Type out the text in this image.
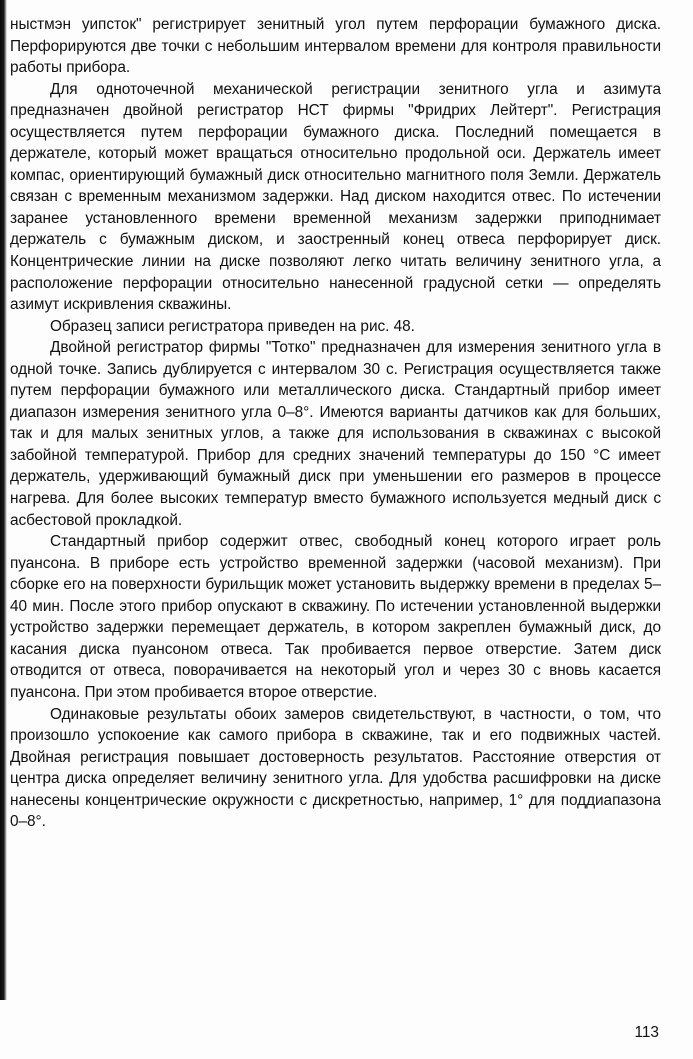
ныстмэн уипсток" регистрирует зенитный угол путем перфорации бумажного диска. Перфорируются две точки с небольшим интервалом времени для контроля правильности работы прибора.

Для одноточечной механической регистрации зенитного угла и азимута предназначен двойной регистратор НСТ фирмы "Фридрих Лейтерт". Регистрация осуществляется путем перфорации бумажного диска. Последний помещается в держателе, который может вращаться относительно продольной оси. Держатель имеет компас, ориентирующий бумажный диск относительно магнитного поля Земли. Держатель связан с временным механизмом задержки. Над диском находится отвес. По истечении заранее установленного времени временной механизм задержки приподнимает держатель с бумажным диском, и заостренный конец отвеса перфорирует диск. Концентрические линии на диске позволяют легко читать величину зенитного угла, а расположение перфорации относительно нанесенной градусной сетки — определять азимут искривления скважины.

Образец записи регистратора приведен на рис. 48.

Двойной регистратор фирмы "Тотко" предназначен для измерения зенитного угла в одной точке. Запись дублируется с интервалом 30 с. Регистрация осуществляется также путем перфорации бумажного или металлического диска. Стандартный прибор имеет диапазон измерения зенитного угла 0–8°. Имеются варианты датчиков как для больших, так и для малых зенитных углов, а также для использования в скважинах с высокой забойной температурой. Прибор для средних значений температуры до 150 °С имеет держатель, удерживающий бумажный диск при уменьшении его размеров в процессе нагрева. Для более высоких температур вместо бумажного используется медный диск с асбестовой прокладкой.

Стандартный прибор содержит отвес, свободный конец которого играет роль пуансона. В приборе есть устройство временной задержки (часовой механизм). При сборке его на поверхности бурильщик может установить выдержку времени в пределах 5–40 мин. После этого прибор опускают в скважину. По истечении установленной выдержки устройство задержки перемещает держатель, в котором закреплен бумажный диск, до касания диска пуансоном отвеса. Так пробивается первое отверстие. Затем диск отводится от отвеса, поворачивается на некоторый угол и через 30 с вновь касается пуансона. При этом пробивается второе отверстие.

Одинаковые результаты обоих замеров свидетельствуют, в частности, о том, что произошло успокоение как самого прибора в скважине, так и его подвижных частей. Двойная регистрация повышает достоверность результатов. Расстояние отверстия от центра диска определяет величину зенитного угла. Для удобства расшифровки на диске нанесены концентрические окружности с дискретностью, например, 1° для поддиапазона 0–8°.

113
